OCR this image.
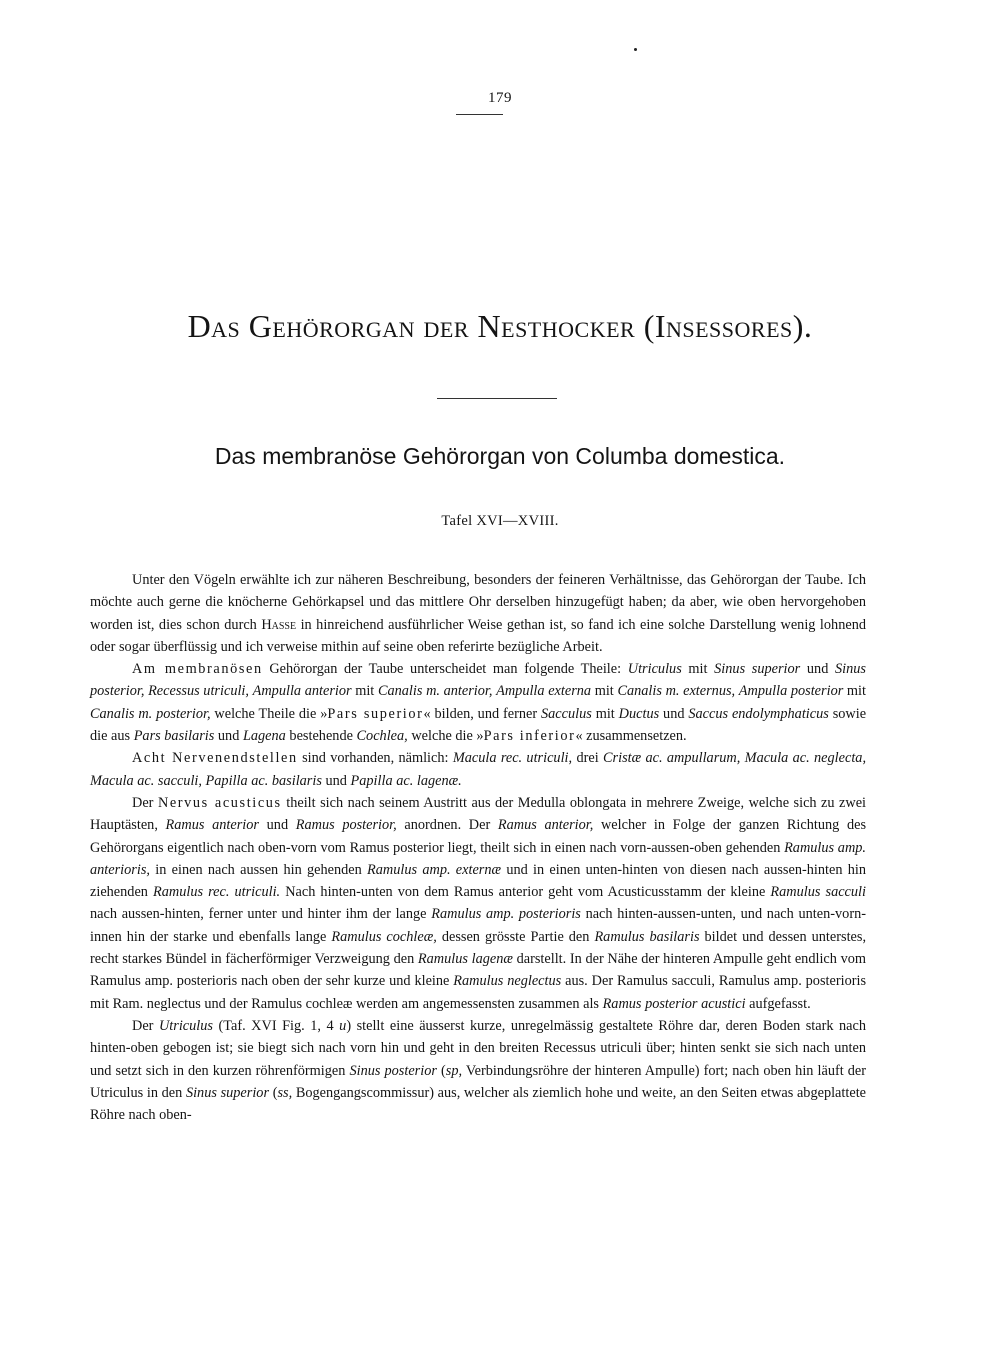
179
Das Gehörorgan der Nesthocker (Insessores).
Das membranöse Gehörorgan von Columba domestica.
Tafel XVI—XVIII.

Unter den Vögeln erwählte ich zur näheren Beschreibung, besonders der feineren Verhältnisse, das Gehörorgan der Taube. Ich möchte auch gerne die knöcherne Gehörkapsel und das mittlere Ohr derselben hinzugefügt haben; da aber, wie oben hervorgehoben worden ist, dies schon durch Hasse in hinreichend ausführlicher Weise gethan ist, so fand ich eine solche Darstellung wenig lohnend oder sogar überflüssig und ich verweise mithin auf seine oben referirte bezügliche Arbeit.

Am membranösen Gehörorgan der Taube unterscheidet man folgende Theile: Utriculus mit Sinus superior und Sinus posterior, Recessus utriculi, Ampulla anterior mit Canalis m. anterior, Ampulla externa mit Canalis m. externus, Ampulla posterior mit Canalis m. posterior, welche Theile die »Pars superior« bilden, und ferner Sacculus mit Ductus und Saccus endolymphaticus sowie die aus Pars basilaris und Lagena bestehende Cochlea, welche die »Pars inferior« zusammensetzen.

Acht Nervenendstellen sind vorhanden, nämlich: Macula rec. utriculi, drei Cristæ ac. ampullarum, Macula ac. neglecta, Macula ac. sacculi, Papilla ac. basilaris und Papilla ac. lagenæ.

Der Nervus acusticus theilt sich nach seinem Austritt aus der Medulla oblongata in mehrere Zweige, welche sich zu zwei Hauptästen, Ramus anterior und Ramus posterior, anordnen. Der Ramus anterior, welcher in Folge der ganzen Richtung des Gehörorgans eigentlich nach oben-vorn vom Ramus posterior liegt, theilt sich in einen nach vorn-aussen-oben gehenden Ramulus amp. anterioris, in einen nach aussen hin gehenden Ramulus amp. externæ und in einen unten-hinten von diesen nach aussen-hinten hin ziehenden Ramulus rec. utriculi. Nach hinten-unten von dem Ramus anterior geht vom Acusticusstamm der kleine Ramulus sacculi nach aussen-hinten, ferner unter und hinter ihm der lange Ramulus amp. posterioris nach hinten-aussen-unten, und nach unten-vorn-innen hin der starke und ebenfalls lange Ramulus cochleæ, dessen grösste Partie den Ramulus basilaris bildet und dessen unterstes, recht starkes Bündel in fächerförmiger Verzweigung den Ramulus lagenæ darstellt. In der Nähe der hinteren Ampulle geht endlich vom Ramulus amp. posterioris nach oben der sehr kurze und kleine Ramulus neglectus aus. Der Ramulus sacculi, Ramulus amp. posterioris mit Ram. neglectus und der Ramulus cochleæ werden am angemessensten zusammen als Ramus posterior acustici aufgefasst.

Der Utriculus (Taf. XVI Fig. 1, 4 u) stellt eine äusserst kurze, unregelmässig gestaltete Röhre dar, deren Boden stark nach hinten-oben gebogen ist; sie biegt sich nach vorn hin und geht in den breiten Recessus utriculi über; hinten senkt sie sich nach unten und setzt sich in den kurzen röhrenförmigen Sinus posterior (sp, Verbindungsröhre der hinteren Ampulle) fort; nach oben hin läuft der Utriculus in den Sinus superior (ss, Bogengangscommissur) aus, welcher als ziemlich hohe und weite, an den Seiten etwas abgeplattete Röhre nach oben-
